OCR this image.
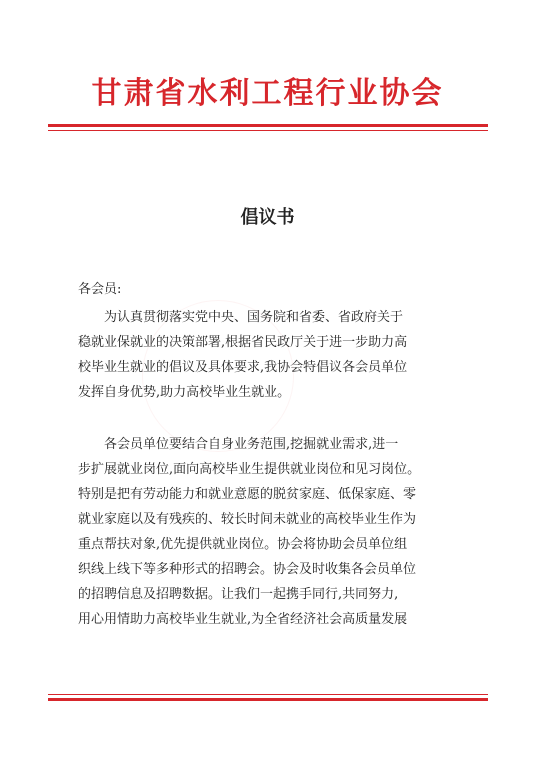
甘肃省水利工程行业协会
倡议书
各会员:
为认真贯彻落实党中央、国务院和省委、省政府关于
稳就业保就业的决策部署,根据省民政厅关于进一步助力高
校毕业生就业的倡议及具体要求,我协会特倡议各会员单位
发挥自身优势,助力高校毕业生就业。
各会员单位要结合自身业务范围,挖掘就业需求,进一
步扩展就业岗位,面向高校毕业生提供就业岗位和见习岗位。
特别是把有劳动能力和就业意愿的脱贫家庭、低保家庭、零
就业家庭以及有残疾的、较长时间未就业的高校毕业生作为
重点帮扶对象,优先提供就业岗位。协会将协助会员单位组
织线上线下等多种形式的招聘会。协会及时收集各会员单位
的招聘信息及招聘数据。让我们一起携手同行,共同努力,
用心用情助力高校毕业生就业,为全省经济社会高质量发展
